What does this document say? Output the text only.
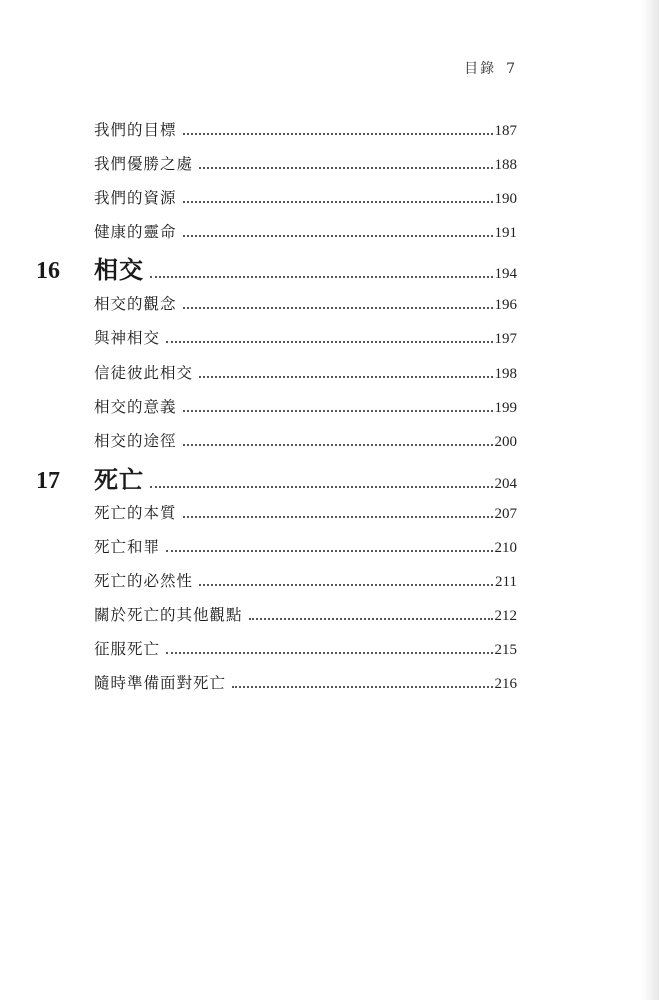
目錄 7
我們的目標	187
我們優勝之處	188
我們的資源	190
健康的靈命	191
16	相交	194
相交的觀念	196
與神相交	197
信徒彼此相交	198
相交的意義	199
相交的途徑	200
17	死亡	204
死亡的本質	207
死亡和罪	210
死亡的必然性	211
關於死亡的其他觀點	212
征服死亡	215
隨時準備面對死亡	216
